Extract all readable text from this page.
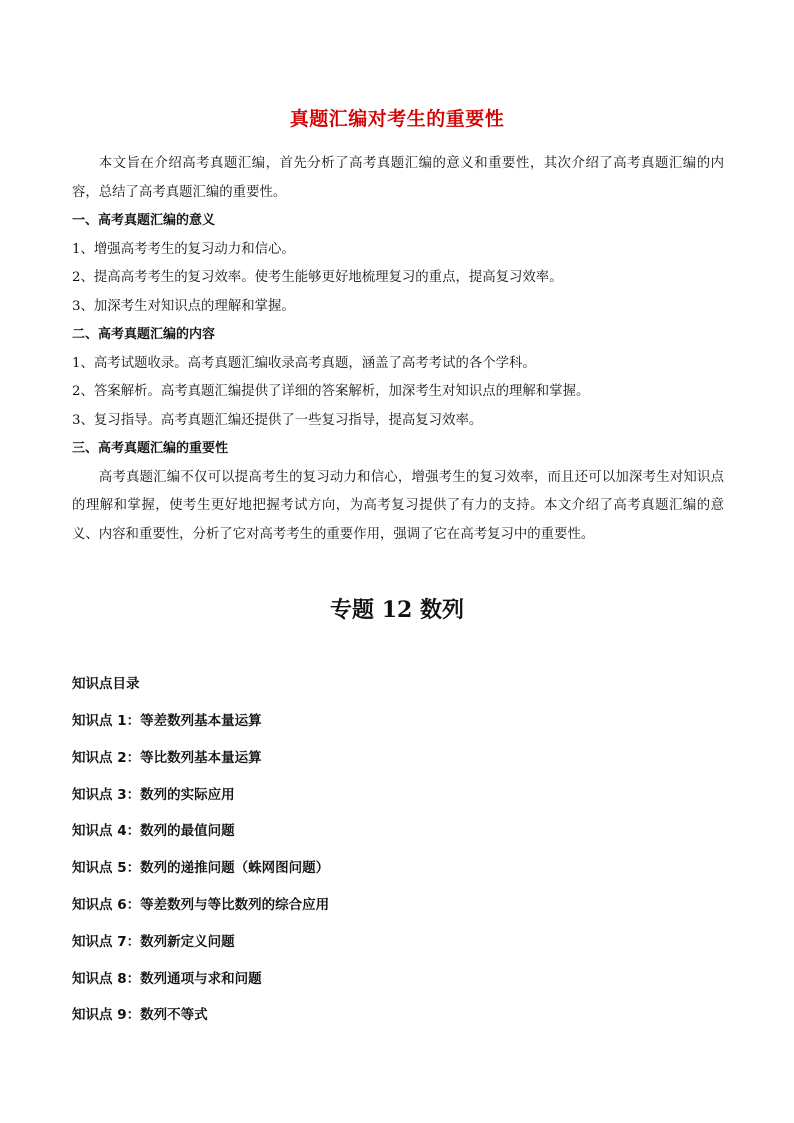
真题汇编对考生的重要性

本文旨在介绍高考真题汇编，首先分析了高考真题汇编的意义和重要性，其次介绍了高考真题汇编的内容，总结了高考真题汇编的重要性。

一、高考真题汇编的意义

1、增强高考考生的复习动力和信心。

2、提高高考考生的复习效率。使考生能够更好地梳理复习的重点，提高复习效率。

3、加深考生对知识点的理解和掌握。

二、高考真题汇编的内容

1、高考试题收录。高考真题汇编收录高考真题，涵盖了高考考试的各个学科。

2、答案解析。高考真题汇编提供了详细的答案解析，加深考生对知识点的理解和掌握。

3、复习指导。高考真题汇编还提供了一些复习指导，提高复习效率。

三、高考真题汇编的重要性

高考真题汇编不仅可以提高考生的复习动力和信心，增强考生的复习效率，而且还可以加深考生对知识点的理解和掌握，使考生更好地把握考试方向，为高考复习提供了有力的支持。本文介绍了高考真题汇编的意义、内容和重要性，分析了它对高考考生的重要作用，强调了它在高考复习中的重要性。

专题 12 数列

知识点目录

知识点 1：等差数列基本量运算

知识点 2：等比数列基本量运算

知识点 3：数列的实际应用

知识点 4：数列的最值问题

知识点 5：数列的递推问题（蛛网图问题）

知识点 6：等差数列与等比数列的综合应用

知识点 7：数列新定义问题

知识点 8：数列通项与求和问题

知识点 9：数列不等式
